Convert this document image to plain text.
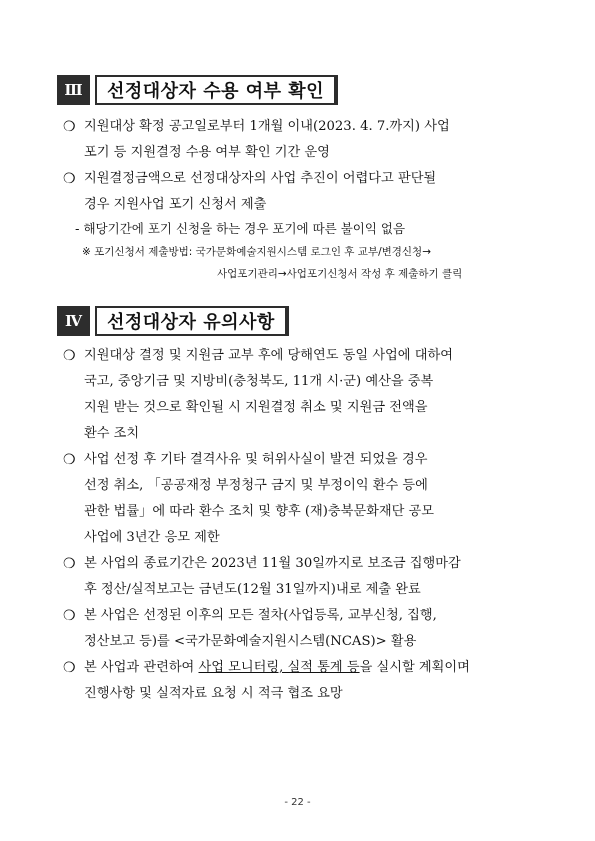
Ⅲ	선정대상자 수용 여부 확인
❍ 지원대상 확정 공고일로부터 1개월 이내(2023. 4. 7.까지) 사업
포기 등 지원결정 수용 여부 확인 기간 운영
❍ 지원결정금액으로 선정대상자의 사업 추진이 어렵다고 판단될
경우 지원사업 포기 신청서 제출
- 해당기간에 포기 신청을 하는 경우 포기에 따른 불이익 없음
※ 포기신청서 제출방법: 국가문화예술지원시스템 로그인 후 교부/변경신청→
사업포기관리→사업포기신청서 작성 후 제출하기 클릭
Ⅳ	선정대상자 유의사항
❍ 지원대상 결정 및 지원금 교부 후에 당해연도 동일 사업에 대하여
국고, 중앙기금 및 지방비(충청북도, 11개 시·군) 예산을 중복
지원 받는 것으로 확인될 시 지원결정 취소 및 지원금 전액을
환수 조치
❍ 사업 선정 후 기타 결격사유 및 허위사실이 발견 되었을 경우
선정 취소, 「공공재정 부정청구 금지 및 부정이익 환수 등에
관한 법률」에 따라 환수 조치 및 향후 (재)충북문화재단 공모
사업에 3년간 응모 제한
❍ 본 사업의 종료기간은 2023년 11월 30일까지로 보조금 집행마감
후 정산/실적보고는 금년도(12월 31일까지)내로 제출 완료
❍ 본 사업은 선정된 이후의 모든 절차(사업등록, 교부신청, 집행,
정산보고 등)를 <국가문화예술지원시스템(NCAS)> 활용
❍ 본 사업과 관련하여 사업 모니터링, 실적 통계 등을 실시할 계획이며
진행사항 및 실적자료 요청 시 적극 협조 요망
- 22 -
